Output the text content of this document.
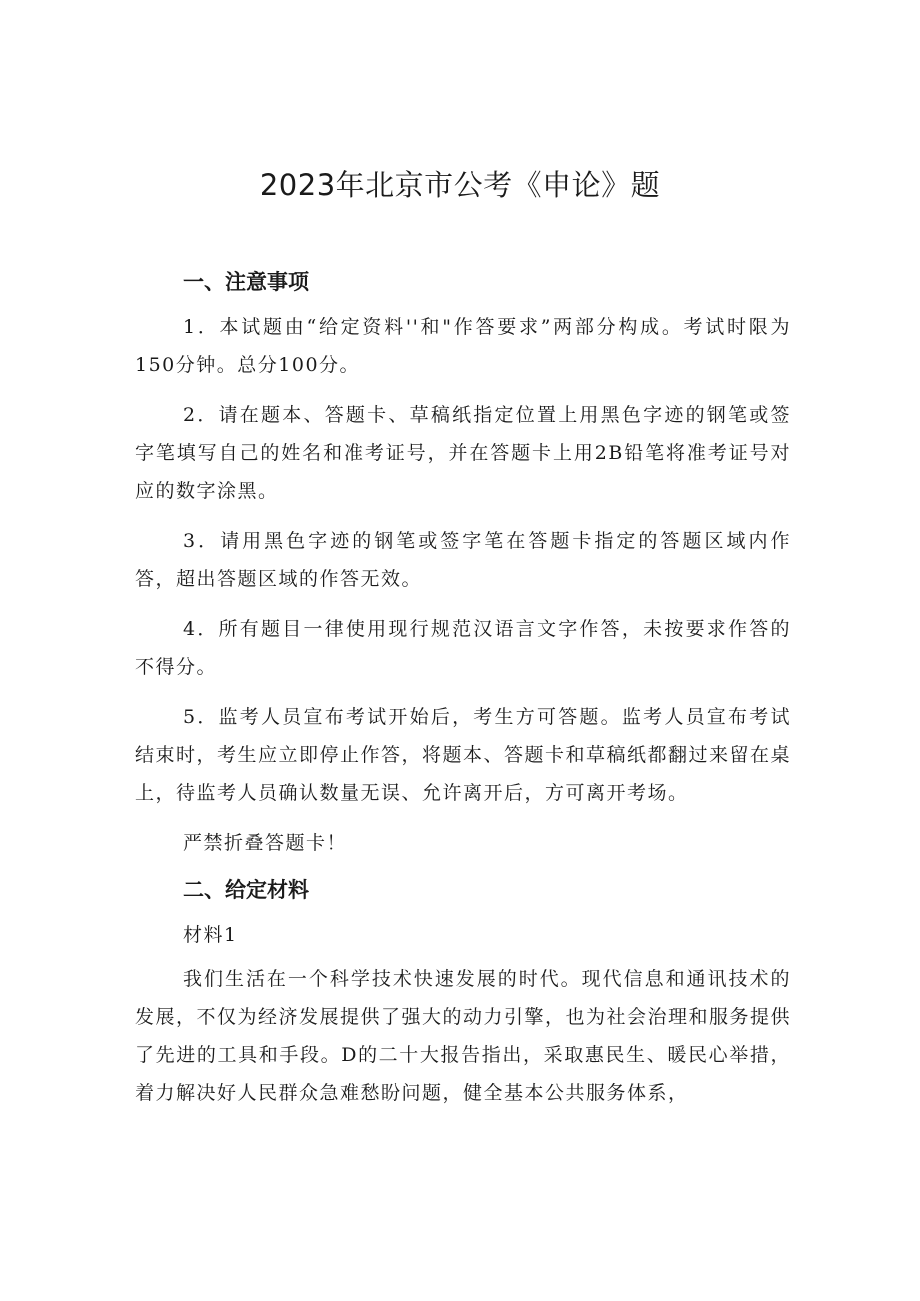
2023年北京市公考《申论》题
一、注意事项

1．本试题由“给定资料''和"作答要求”两部分构成。考试时限为150分钟。总分100分。

2．请在题本、答题卡、草稿纸指定位置上用黑色字迹的钢笔或签字笔填写自己的姓名和准考证号，并在答题卡上用2B铅笔将准考证号对应的数字涂黑。

3．请用黑色字迹的钢笔或签字笔在答题卡指定的答题区域内作答，超出答题区域的作答无效。

4．所有题目一律使用现行规范汉语言文字作答，未按要求作答的不得分。

5．监考人员宣布考试开始后，考生方可答题。监考人员宣布考试结束时，考生应立即停止作答，将题本、答题卡和草稿纸都翻过来留在桌上，待监考人员确认数量无误、允许离开后，方可离开考场。

严禁折叠答题卡！

二、给定材料

材料1

我们生活在一个科学技术快速发展的时代。现代信息和通讯技术的发展，不仅为经济发展提供了强大的动力引擎，也为社会治理和服务提供了先进的工具和手段。D的二十大报告指出，采取惠民生、暖民心举措，着力解决好人民群众急难愁盼问题，健全基本公共服务体系，
